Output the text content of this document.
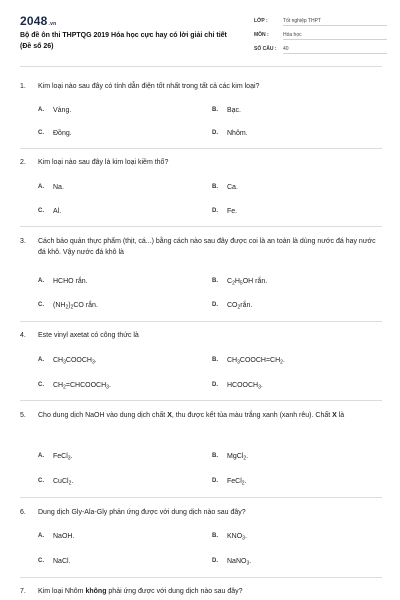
2048.vn
Bộ đề ôn thi THPTQG 2019 Hóa học cực hay có lời giải chi tiết (Đề số 26)
LỚP :	Tốt nghiệp THPT
MÔN :	Hóa học
SỐ CÂU :	40
1. Kim loại nào sau đây có tính dẫn điện tốt nhất trong tất cả các kim loại?
A. Vàng.	B. Bạc.
C. Đồng.	D. Nhôm.
2. Kim loại nào sau đây là kim loại kiềm thổ?
A. Na.	B. Ca.
C. Al.	D. Fe.
3. Cách bảo quản thực phẩm (thịt, cá...) bằng cách nào sau đây được coi là an toàn là dùng nước đá hay nước đá khô. Vậy nước đá khô là
A. HCHO rắn.	B. $C_2H_5OH$ rắn.
C. $(NH_2)_2CO$ rắn.	D. $CO_2rắn$.
4. Este vinyl axetat có công thức là
A. $CH_3COOCH_3$.	B. $CH_3COOCH=CH_2$.
C. $CH_2=CHCOOCH_3$.	D. $HCOOCH_3$.
5. Cho dung dịch NaOH vào dung dịch chất X, thu được kết tủa màu trắng xanh (xanh rêu). Chất X là
A. FeCl$_3$.	B. MgCl$_2$.
C. CuCl$_2$.	D. FeCl$_2$.
6. Dung dịch Gly-Ala-Gly phản ứng được với dung dịch nào sau đây?
A. NaOH.	B. $KNO_3$.
C. NaCl.	D. NaNO$_3$.
7. Kim loại Nhôm không phải ứng được với dung dịch nào sau đây?
